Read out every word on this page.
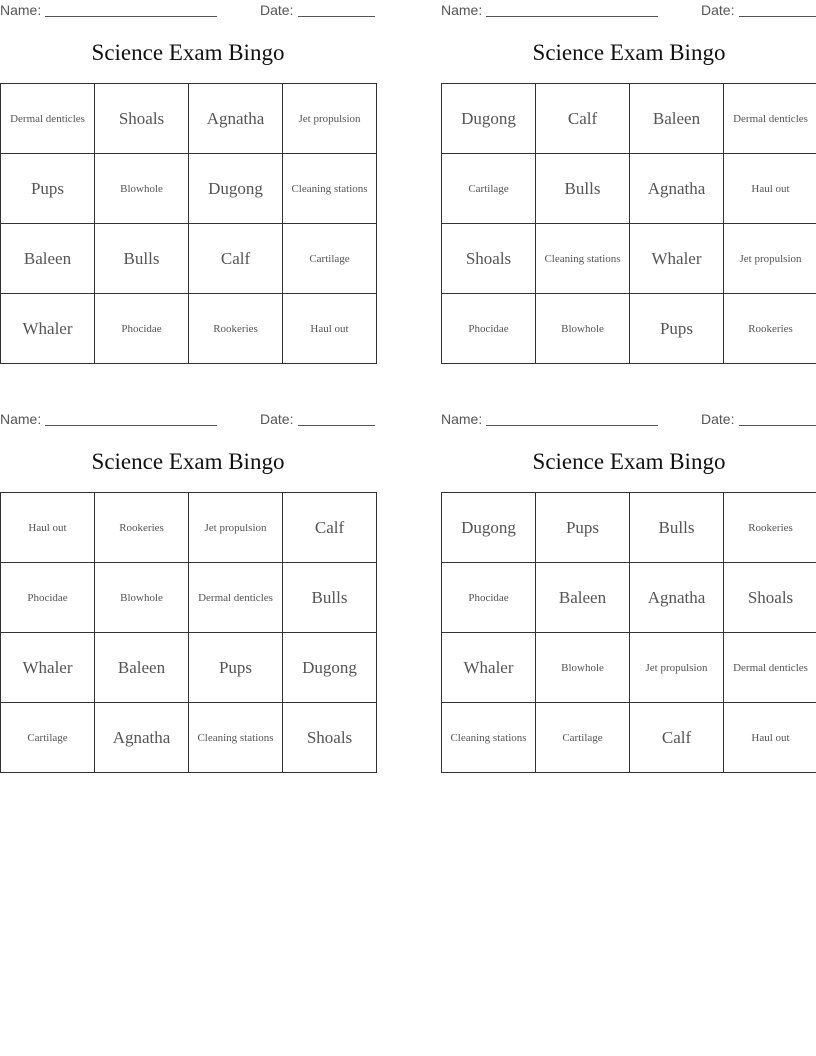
Name:	Date:
Science Exam Bingo
Dermal denticles	Shoals	Agnatha	Jet propulsion
Pups	Blowhole	Dugong	Cleaning stations
Baleen	Bulls	Calf	Cartilage
Whaler	Phocidae	Rookeries	Haul out
Name:	Date:
Science Exam Bingo
Dugong	Calf	Baleen	Dermal denticles
Cartilage	Bulls	Agnatha	Haul out
Shoals	Cleaning stations	Whaler	Jet propulsion
Phocidae	Blowhole	Pups	Rookeries
Name:	Date:
Science Exam Bingo
Haul out	Rookeries	Jet propulsion	Calf
Phocidae	Blowhole	Dermal denticles	Bulls
Whaler	Baleen	Pups	Dugong
Cartilage	Agnatha	Cleaning stations	Shoals
Name:	Date:
Science Exam Bingo
Dugong	Pups	Bulls	Rookeries
Phocidae	Baleen	Agnatha	Shoals
Whaler	Blowhole	Jet propulsion	Dermal denticles
Cleaning stations	Cartilage	Calf	Haul out
